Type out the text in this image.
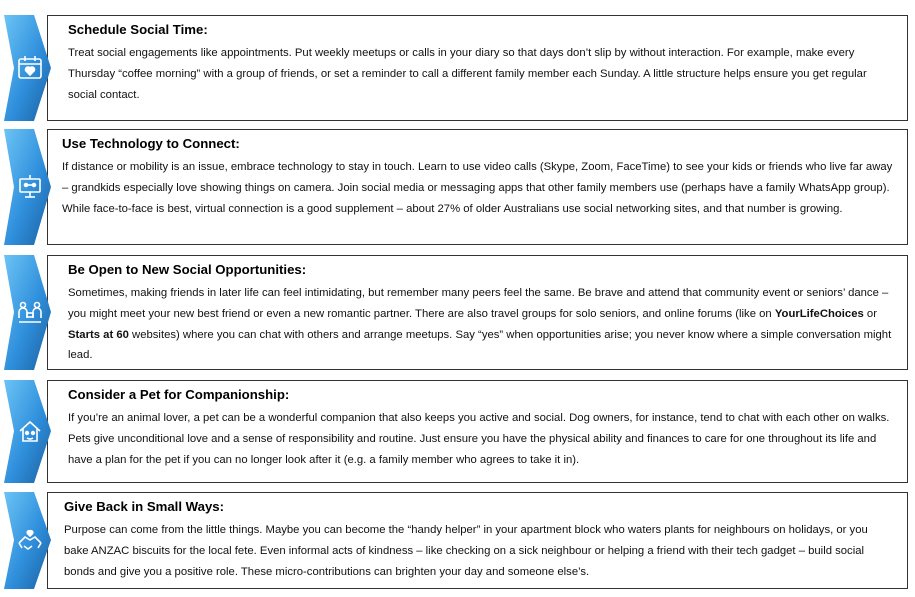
Schedule Social Time:

Treat social engagements like appointments. Put weekly meetups or calls in your diary so that days don’t slip by without interaction. For example, make every Thursday “coffee morning” with a group of friends, or set a reminder to call a different family member each Sunday. A little structure helps ensure you get regular social contact.

Use Technology to Connect:

If distance or mobility is an issue, embrace technology to stay in touch. Learn to use video calls (Skype, Zoom, FaceTime) to see your kids or friends who live far away – grandkids especially love showing things on camera. Join social media or messaging apps that other family members use (perhaps have a family WhatsApp group). While face-to-face is best, virtual connection is a good supplement – about 27% of older Australians use social networking sites, and that number is growing.

Be Open to New Social Opportunities:

Sometimes, making friends in later life can feel intimidating, but remember many peers feel the same. Be brave and attend that community event or seniors’ dance – you might meet your new best friend or even a new romantic partner. There are also travel groups for solo seniors, and online forums (like on YourLifeChoices or Starts at 60 websites) where you can chat with others and arrange meetups. Say “yes” when opportunities arise; you never know where a simple conversation might lead.

Consider a Pet for Companionship:

If you’re an animal lover, a pet can be a wonderful companion that also keeps you active and social. Dog owners, for instance, tend to chat with each other on walks. Pets give unconditional love and a sense of responsibility and routine. Just ensure you have the physical ability and finances to care for one throughout its life and have a plan for the pet if you can no longer look after it (e.g. a family member who agrees to take it in).

Give Back in Small Ways:

Purpose can come from the little things. Maybe you can become the “handy helper” in your apartment block who waters plants for neighbours on holidays, or you bake ANZAC biscuits for the local fete. Even informal acts of kindness – like checking on a sick neighbour or helping a friend with their tech gadget – build social bonds and give you a positive role. These micro-contributions can brighten your day and someone else’s.
